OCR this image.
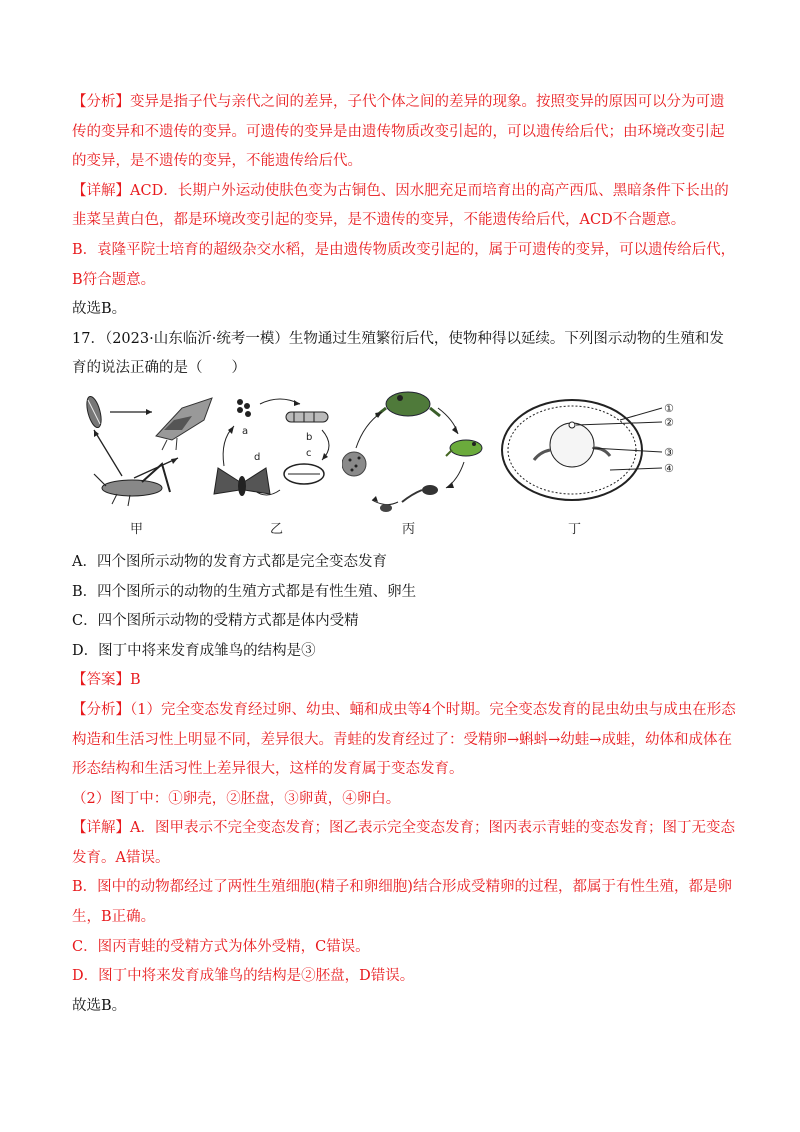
【分析】变异是指子代与亲代之间的差异，子代个体之间的差异的现象。按照变异的原因可以分为可遗传的变异和不遗传的变异。可遗传的变异是由遗传物质改变引起的，可以遗传给后代；由环境改变引起的变异，是不遗传的变异，不能遗传给后代。

【详解】ACD．长期户外运动使肤色变为古铜色、因水肥充足而培育出的高产西瓜、黑暗条件下长出的韭菜呈黄白色，都是环境改变引起的变异，是不遗传的变异，不能遗传给后代，ACD不合题意。

B．袁隆平院士培育的超级杂交水稻，是由遗传物质改变引起的，属于可遗传的变异，可以遗传给后代，B符合题意。

故选B。

17．（2023·山东临沂·统考一模）生物通过生殖繁衍后代，使物种得以延续。下列图示动物的生殖和发育的说法正确的是（　　）

甲
a
b
c
d
乙	丙
①
②
③
④
丁

A．四个图所示动物的发育方式都是完全变态发育

B．四个图所示的动物的生殖方式都是有性生殖、卵生

C．四个图所示动物的受精方式都是体内受精

D．图丁中将来发育成雏鸟的结构是③

【答案】B

【分析】（1）完全变态发育经过卵、幼虫、蛹和成虫等4个时期。完全变态发育的昆虫幼虫与成虫在形态构造和生活习性上明显不同，差异很大。青蛙的发育经过了：受精卵→蝌蚪→幼蛙→成蛙，幼体和成体在形态结构和生活习性上差异很大，这样的发育属于变态发育。

（2）图丁中：①卵壳，②胚盘，③卵黄，④卵白。

【详解】A．图甲表示不完全变态发育；图乙表示完全变态发育；图丙表示青蛙的变态发育；图丁无变态发育。A错误。

B．图中的动物都经过了两性生殖细胞(精子和卵细胞)结合形成受精卵的过程，都属于有性生殖，都是卵生，B正确。

C．图丙青蛙的受精方式为体外受精，C错误。

D．图丁中将来发育成雏鸟的结构是②胚盘，D错误。

故选B。
